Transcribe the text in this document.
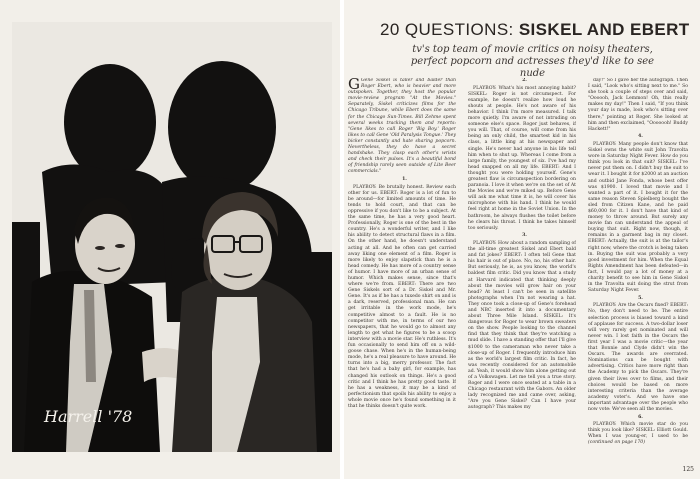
Harrell '78
20 QUESTIONS: SISKEL AND EBERT
tv's top team of movie critics on noisy theaters, perfect popcorn and actresses they'd like to see nude

G Gene Siskel is taller and balder than Roger Ebert, who is heavier and more outspoken. Together, they host the popular movie-review program "At the Movies." Separately, Siskel criticizes films for the Chicago Tribune, while Ebert does the same for the Chicago Sun-Times. Bill Zehme spent several weeks tracking them and reports: "Gene likes to call Roger 'Big Boy.' Roger likes to call Gene 'Old Paralysis Tongue.' They bicker constantly and hate sharing popcorn. Nevertheless, they do have a secret handshake. They clasp each other's wrists and check their pulses. It's a beautiful bond of friendship rarely seen outside of Lite Beer commercials."

1.

PLAYBOY: Be brutally honest. Review each other for us. EBERT: Roger is a lot of fun to be around—for limited amounts of time. He tends to hold court, and that can be oppressive if you don't like to be a subject. At the same time, he has a very good heart. Professionally, Roger is one of the best in the country. He's a wonderful writer, and I like his ability to detect structural flaws in a film. On the other hand, he doesn't understand acting at all. And he often can get carried away liking one element of a film. Roger is more likely to enjoy slapstick than he is a head comedy. He has more of a country sense of humor. I have more of an urban sense of humor. Which makes sense, since that's where we're from. EBERT: There are two Gene Siskels sort of a Dr. Siskel and Mr. Gene. It's as if he has a tuxedo shirt on and is a dark, reserved, professional man. He can get irritable in the work mode, he's competitive almost to a fault. He is no competitor with me, in terms of our two newspapers, that he would go to almost any length to get what he figures to be a scoop interview with a movie star. He's ruthless. It's fun occasionally to send him off on a wild-goose chase. When he's in the human-being mode, he's a real pleasure to have around. He turns into a big, merry professor. The fact that he's had a baby girl, for example, has changed his outlook on things. He's a good critic and I think he has pretty good taste. If he has a weakness, it may be a kind of perfectionism that spoils his ability to enjoy a whole movie once he's found something in it that he thinks doesn't quite work.

2.

PLAYBOY: What's his most annoying habit? SISKEL: Roger is not circumspect. For example, he doesn't realize how loud he shouts at people. He's not aware of his behavior. I think I'm more measured. I talk more quietly. I'm aware of not intruding on someone else's space. Roger just behaves, if you will. That, of course, will come from his being an only child, the smartest kid in his class, a little king at his newspaper and single. He's never had anyone in his life tell him when to shut up. Whereas I come from a large family, the youngest of six. I've had my head snapped on all my life. EBERT: And I thought you were holding yourself. Gene's greatest flaw is circumspection bordering on paranoia. I love it when we're on the set of At the Movies and we're miked up. Before Gene will ask me what time it is, he will cover his microphone with his hand. I think he would feel right at home in the Soviet Union. In the bathroom, he always flushes the toilet before he clears his throat. I think he takes himself too seriously.

3.

PLAYBOY: How about a random sampling of the all-time greatest Siskel and Ebert bald and fat jokes? EBERT: I often tell Gene that his hair is out of place. No, no, his other hair. But seriously, he is, as you know, the world's baldest film critic. Did you know that a study at Harvard indicated that thinking deeply about the movies will grow hair on your head? At least I can't be seen in satellite photographs when I'm not wearing a hat. They once took a close-up of Gene's forehead and NBC inserted it into a documentary about Three Mile Island. SISKEL: It's dangerous for Roger to wear brown sweaters on the show. People looking to the channel find that they think that they're watching a mud slide. I have a standing offer that I'll give $1000 to the cameraman who never take a close-up of Roger. I frequently introduce him as the world's largest film critic. In fact, he was recently considered for an automobile ad. Yeah, it would show him alone getting out of a Volkswagen. Let me tell you a true story. Roger and I were once seated at a table in a Chicago restaurant with the Gabors. An older lady recognized me and came over, asking, "Are you Gene Siskel? Can I have your autograph? This makes my

day!" So I gave her the autograph. Then I said, "Look who's sitting next to me." So she took a couple of steps over and said, "Oooooh, Jack Lemmon! Oh, this really makes my day!" Then I said, "If you think your day is made, look who's sitting over there," pointing at Roger. She looked at him and then exclaimed, "Ooooooh! Buddy Hackett!"

4.

PLAYBOY: Many people don't know that Siskel owns the white suit John Travolta wore in Saturday Night Fever. How do you think you look in that suit? SISKEL: I've never put them on. I didn't buy the suit to wear it. I bought it for $2000 at an auction and outbid Jane Fonda, whose best offer was $1900. I loved that movie and I wanted a part of it. I bought it for the same reason Steven Spielberg bought the sled from Citizen Kane, and he paid $60,000 for it. I don't have that kind of money to throw around. But surely any movie fan can understand the appeal of buying that suit. Right now, though, it remains in a garment bag in my closet. EBERT: Actually, the suit is at the tailor's right now, where the crotch is being taken in. Buying the suit was probably a very good investment for him. When the Equal Rights Amendment has been defeated—in fact, I would pay a lot of money at a charity benefit to see him in Gene Siskel in the Travolta suit doing the strut from Saturday Night Fever.

5.

PLAYBOY: Are the Oscars fixed? EBERT: No, they don't need to be. The entire selection process is biased toward a kind of applause for success. A two-dollar loser will very rarely get nominated and will never win. I lost faith in the Oscars the first year I was a movie critic—the year that Bonnie and Clyde didn't win the Oscars. The awards are overrated. Nominations can be bought with advertising. Critics have more right than the Academy to pick the Oscars. They're given their lives over to films, and their choices would be based on more interesting criteria than the average academy voter's. And we have one important advantage over the people who now vote: We've seen all the movies.

6.

PLAYBOY: Which movie star do you think you look like? SISKEL: Elliott Gould. When I was young-er, I used to be (continued on page 170)

125
